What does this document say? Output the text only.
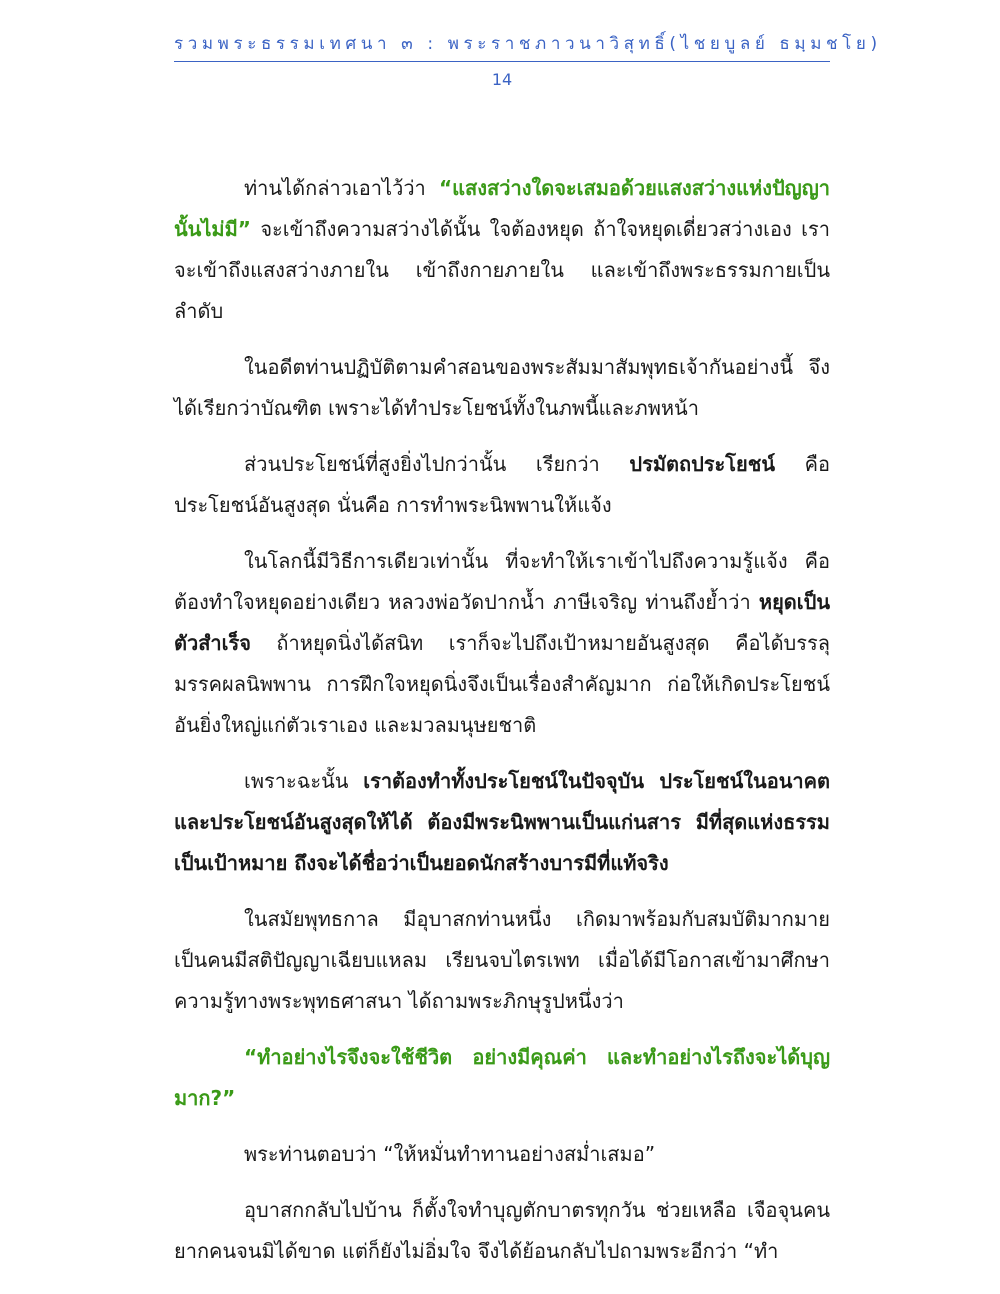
รวมพระธรรมเทศนา ๓ : พระราชภาวนาวิสุทธิ์(ไชยบูลย์ ธมฺมชโย)
14

ท่านได้กล่าวเอาไว้ว่า “แสงสว่างใดจะเสมอด้วยแสงสว่างแห่งปัญญานั้นไม่มี” จะเข้าถึงความสว่างได้นั้น ใจต้องหยุด ถ้าใจหยุดเดี่ยวสว่างเอง เราจะเข้าถึงแสงสว่างภายใน เข้าถึงกายภายใน และเข้าถึงพระธรรมกายเป็นลำดับ

ในอดีตท่านปฏิบัติตามคำสอนของพระสัมมาสัมพุทธเจ้ากันอย่างนี้ จึงได้เรียกว่าบัณฑิต เพราะได้ทำประโยชน์ทั้งในภพนี้และภพหน้า

ส่วนประโยชน์ที่สูงยิ่งไปกว่านั้น เรียกว่า ปรมัตถประโยชน์ คือประโยชน์อันสูงสุด นั่นคือ การทำพระนิพพานให้แจ้ง

ในโลกนี้มีวิธีการเดียวเท่านั้น ที่จะทำให้เราเข้าไปถึงความรู้แจ้ง คือต้องทำใจหยุดอย่างเดียว หลวงพ่อวัดปากน้ำ ภาษีเจริญ ท่านถึงย้ำว่า หยุดเป็นตัวสำเร็จ ถ้าหยุดนิ่งได้สนิท เราก็จะไปถึงเป้าหมายอันสูงสุด คือได้บรรลุมรรคผลนิพพาน การฝึกใจหยุดนิ่งจึงเป็นเรื่องสำคัญมาก ก่อให้เกิดประโยชน์อันยิ่งใหญ่แก่ตัวเราเอง และมวลมนุษยชาติ

เพราะฉะนั้น เราต้องทำทั้งประโยชน์ในปัจจุบัน ประโยชน์ในอนาคตและประโยชน์อันสูงสุดให้ได้ ต้องมีพระนิพพานเป็นแก่นสาร มีที่สุดแห่งธรรมเป็นเป้าหมาย ถึงจะได้ชื่อว่าเป็นยอดนักสร้างบารมีที่แท้จริง

ในสมัยพุทธกาล มีอุบาสกท่านหนึ่ง เกิดมาพร้อมกับสมบัติมากมาย เป็นคนมีสติปัญญาเฉียบแหลม เรียนจบไตรเพท เมื่อได้มีโอกาสเข้ามาศึกษาความรู้ทางพระพุทธศาสนา ได้ถามพระภิกษุรูปหนึ่งว่า

“ทำอย่างไรจึงจะใช้ชีวิต อย่างมีคุณค่า และทำอย่างไรถึงจะได้บุญมาก?”

พระท่านตอบว่า “ให้หมั่นทำทานอย่างสม่ำเสมอ”

อุบาสกกลับไปบ้าน ก็ตั้งใจทำบุญตักบาตรทุกวัน ช่วยเหลือ เจือจุนคนยากคนจนมิได้ขาด แต่ก็ยังไม่อิ่มใจ จึงได้ย้อนกลับไปถามพระอีกว่า “ทำ
